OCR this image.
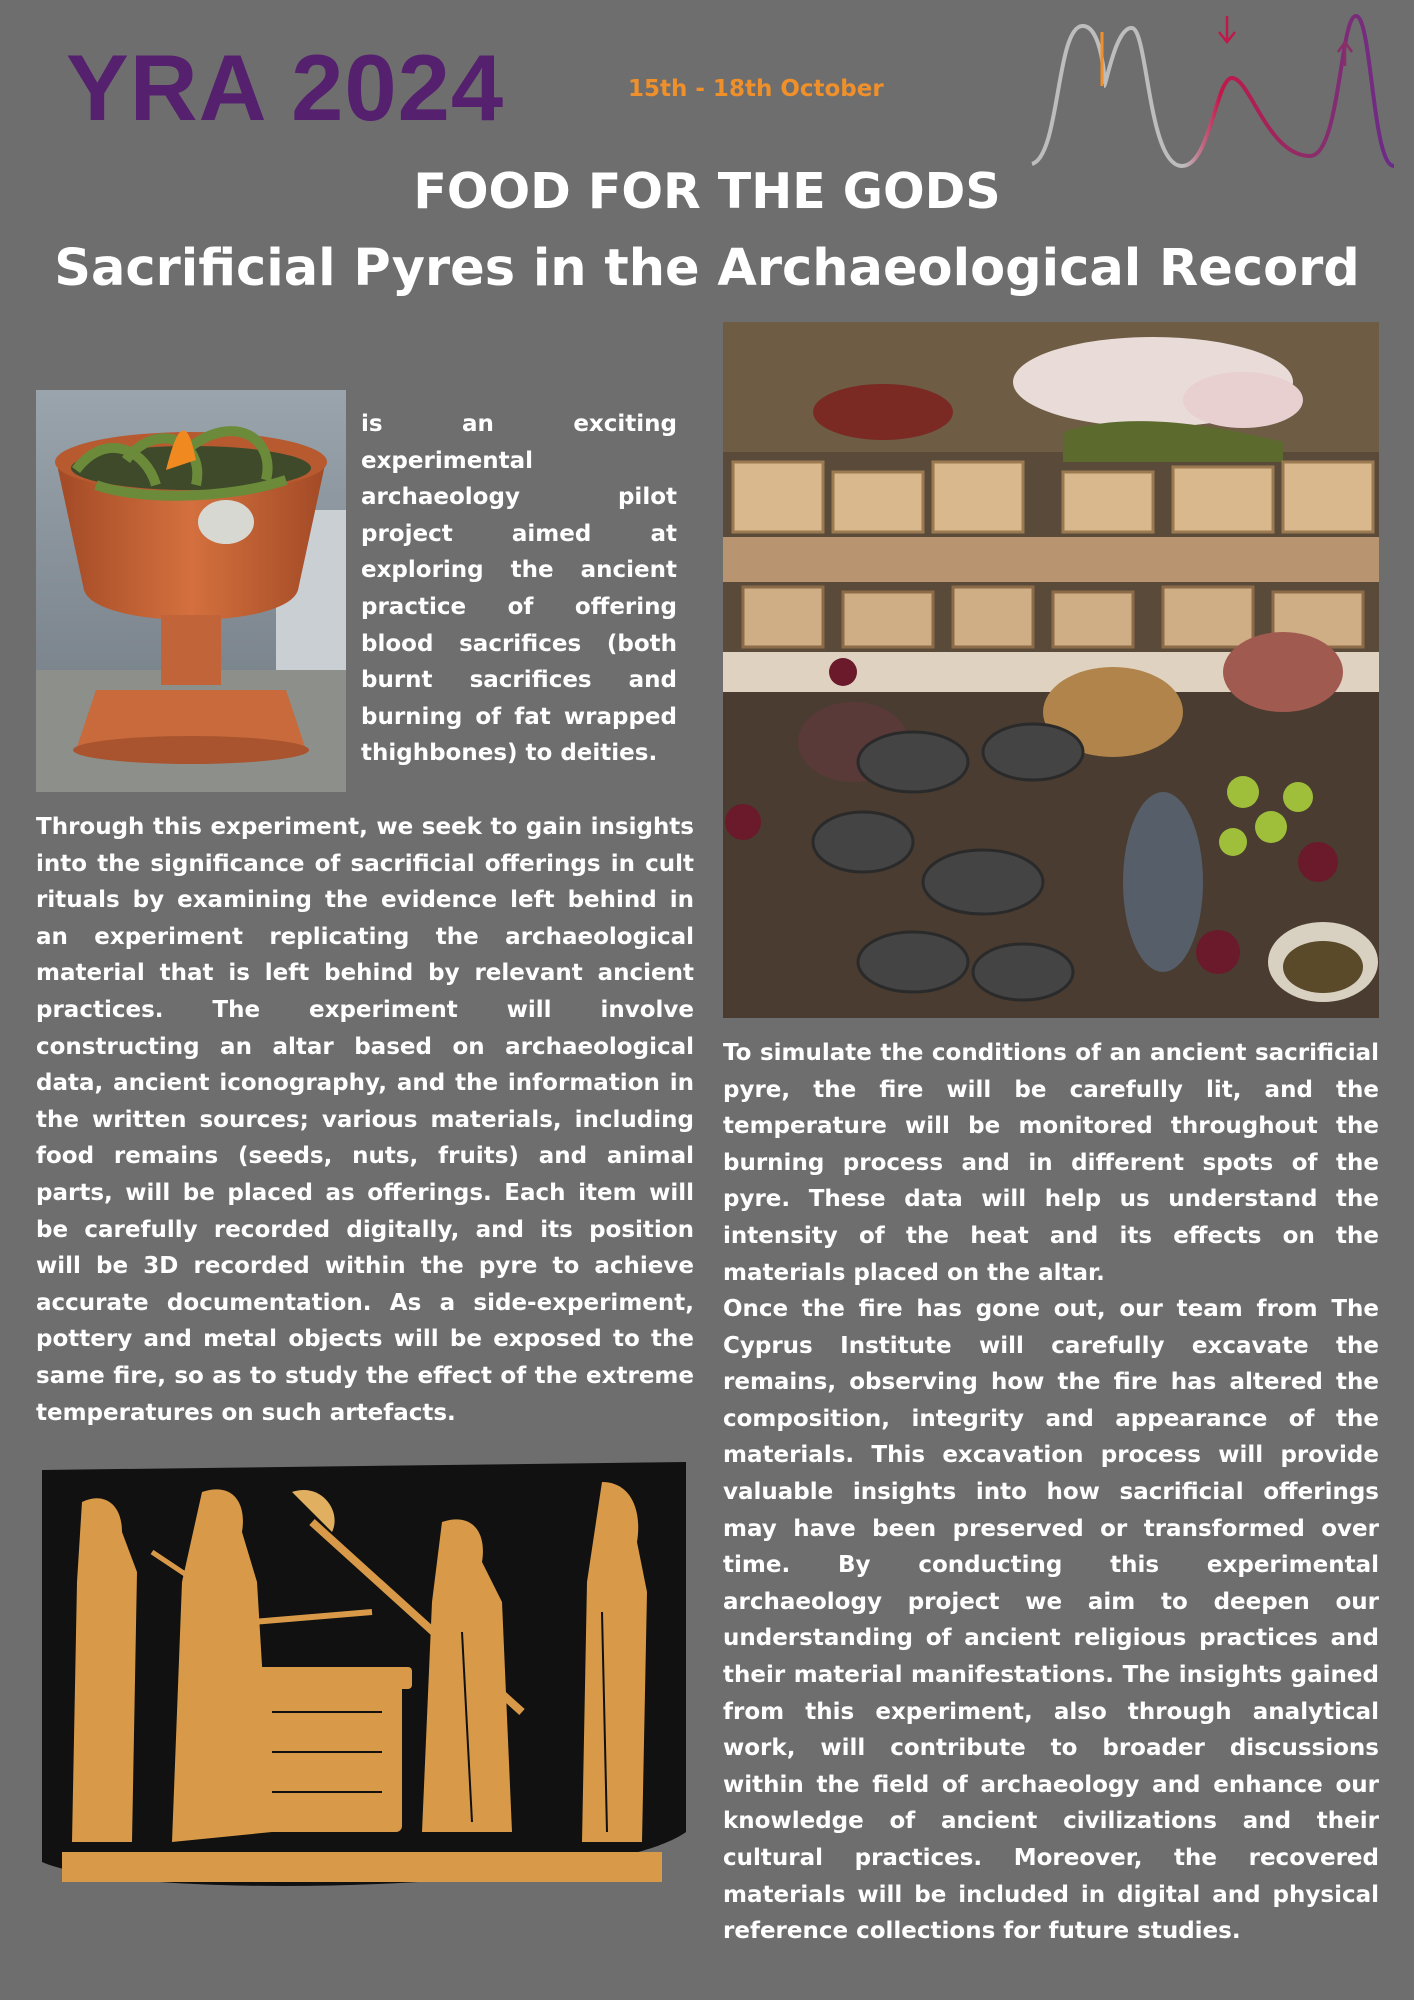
YRA 2024	15th - 18th October
FOOD FOR THE GODS
Sacrificial Pyres in the Archaeological Record

is an exciting experimental archaeology pilot project aimed at exploring the ancient practice of offering blood sacrifices (both burnt sacrifices and burning of fat wrapped thighbones) to deities.

Through this experiment, we seek to gain insights into the significance of sacrificial offerings in cult rituals by examining the evidence left behind in an experiment replicating the archaeological material that is left behind by relevant ancient practices. The experiment will involve constructing an altar based on archaeological data, ancient iconography, and the information in the written sources; various materials, including food remains (seeds, nuts, fruits) and animal parts, will be placed as offerings. Each item will be carefully recorded digitally, and its position will be 3D recorded within the pyre to achieve accurate documentation. As a side-experiment, pottery and metal objects will be exposed to the same fire, so as to study the effect of the extreme temperatures on such artefacts.

To simulate the conditions of an ancient sacrificial pyre, the fire will be carefully lit, and the temperature will be monitored throughout the burning process and in different spots of the pyre. These data will help us understand the intensity of the heat and its effects on the materials placed on the altar.

Once the fire has gone out, our team from The Cyprus Institute will carefully excavate the remains, observing how the fire has altered the composition, integrity and appearance of the materials. This excavation process will provide valuable insights into how sacrificial offerings may have been preserved or transformed over time. By conducting this experimental archaeology project we aim to deepen our understanding of ancient religious practices and their material manifestations. The insights gained from this experiment, also through analytical work, will contribute to broader discussions within the field of archaeology and enhance our knowledge of ancient civilizations and their cultural practices. Moreover, the recovered materials will be included in digital and physical reference collections for future studies.
